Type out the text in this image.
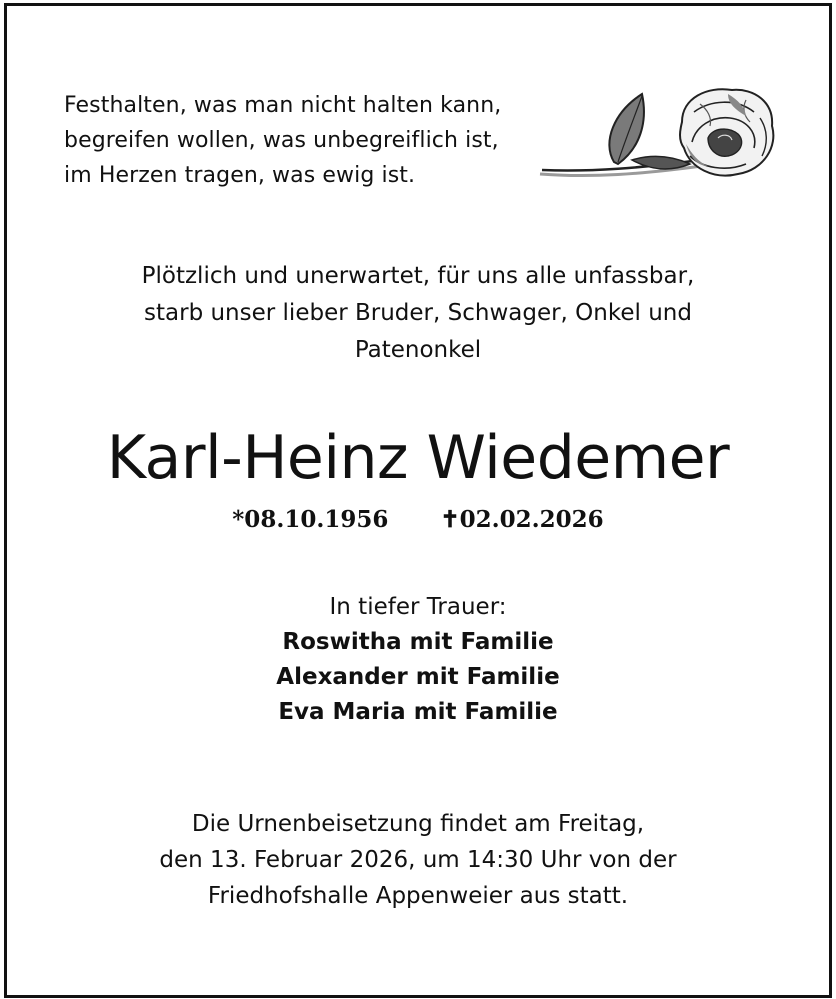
Festhalten, was man nicht halten kann,
begreifen wollen, was unbegreiflich ist,
im Herzen tragen, was ewig ist.
Plötzlich und unerwartet, für uns alle unfassbar,
starb unser lieber Bruder, Schwager, Onkel und
Patenonkel
Karl-Heinz Wiedemer
*08.10.1956 ✝02.02.2026
In tiefer Trauer:
Roswitha mit Familie
Alexander mit Familie
Eva Maria mit Familie
Die Urnenbeisetzung findet am Freitag,
den 13. Februar 2026, um 14:30 Uhr von der
Friedhofshalle Appenweier aus statt.
